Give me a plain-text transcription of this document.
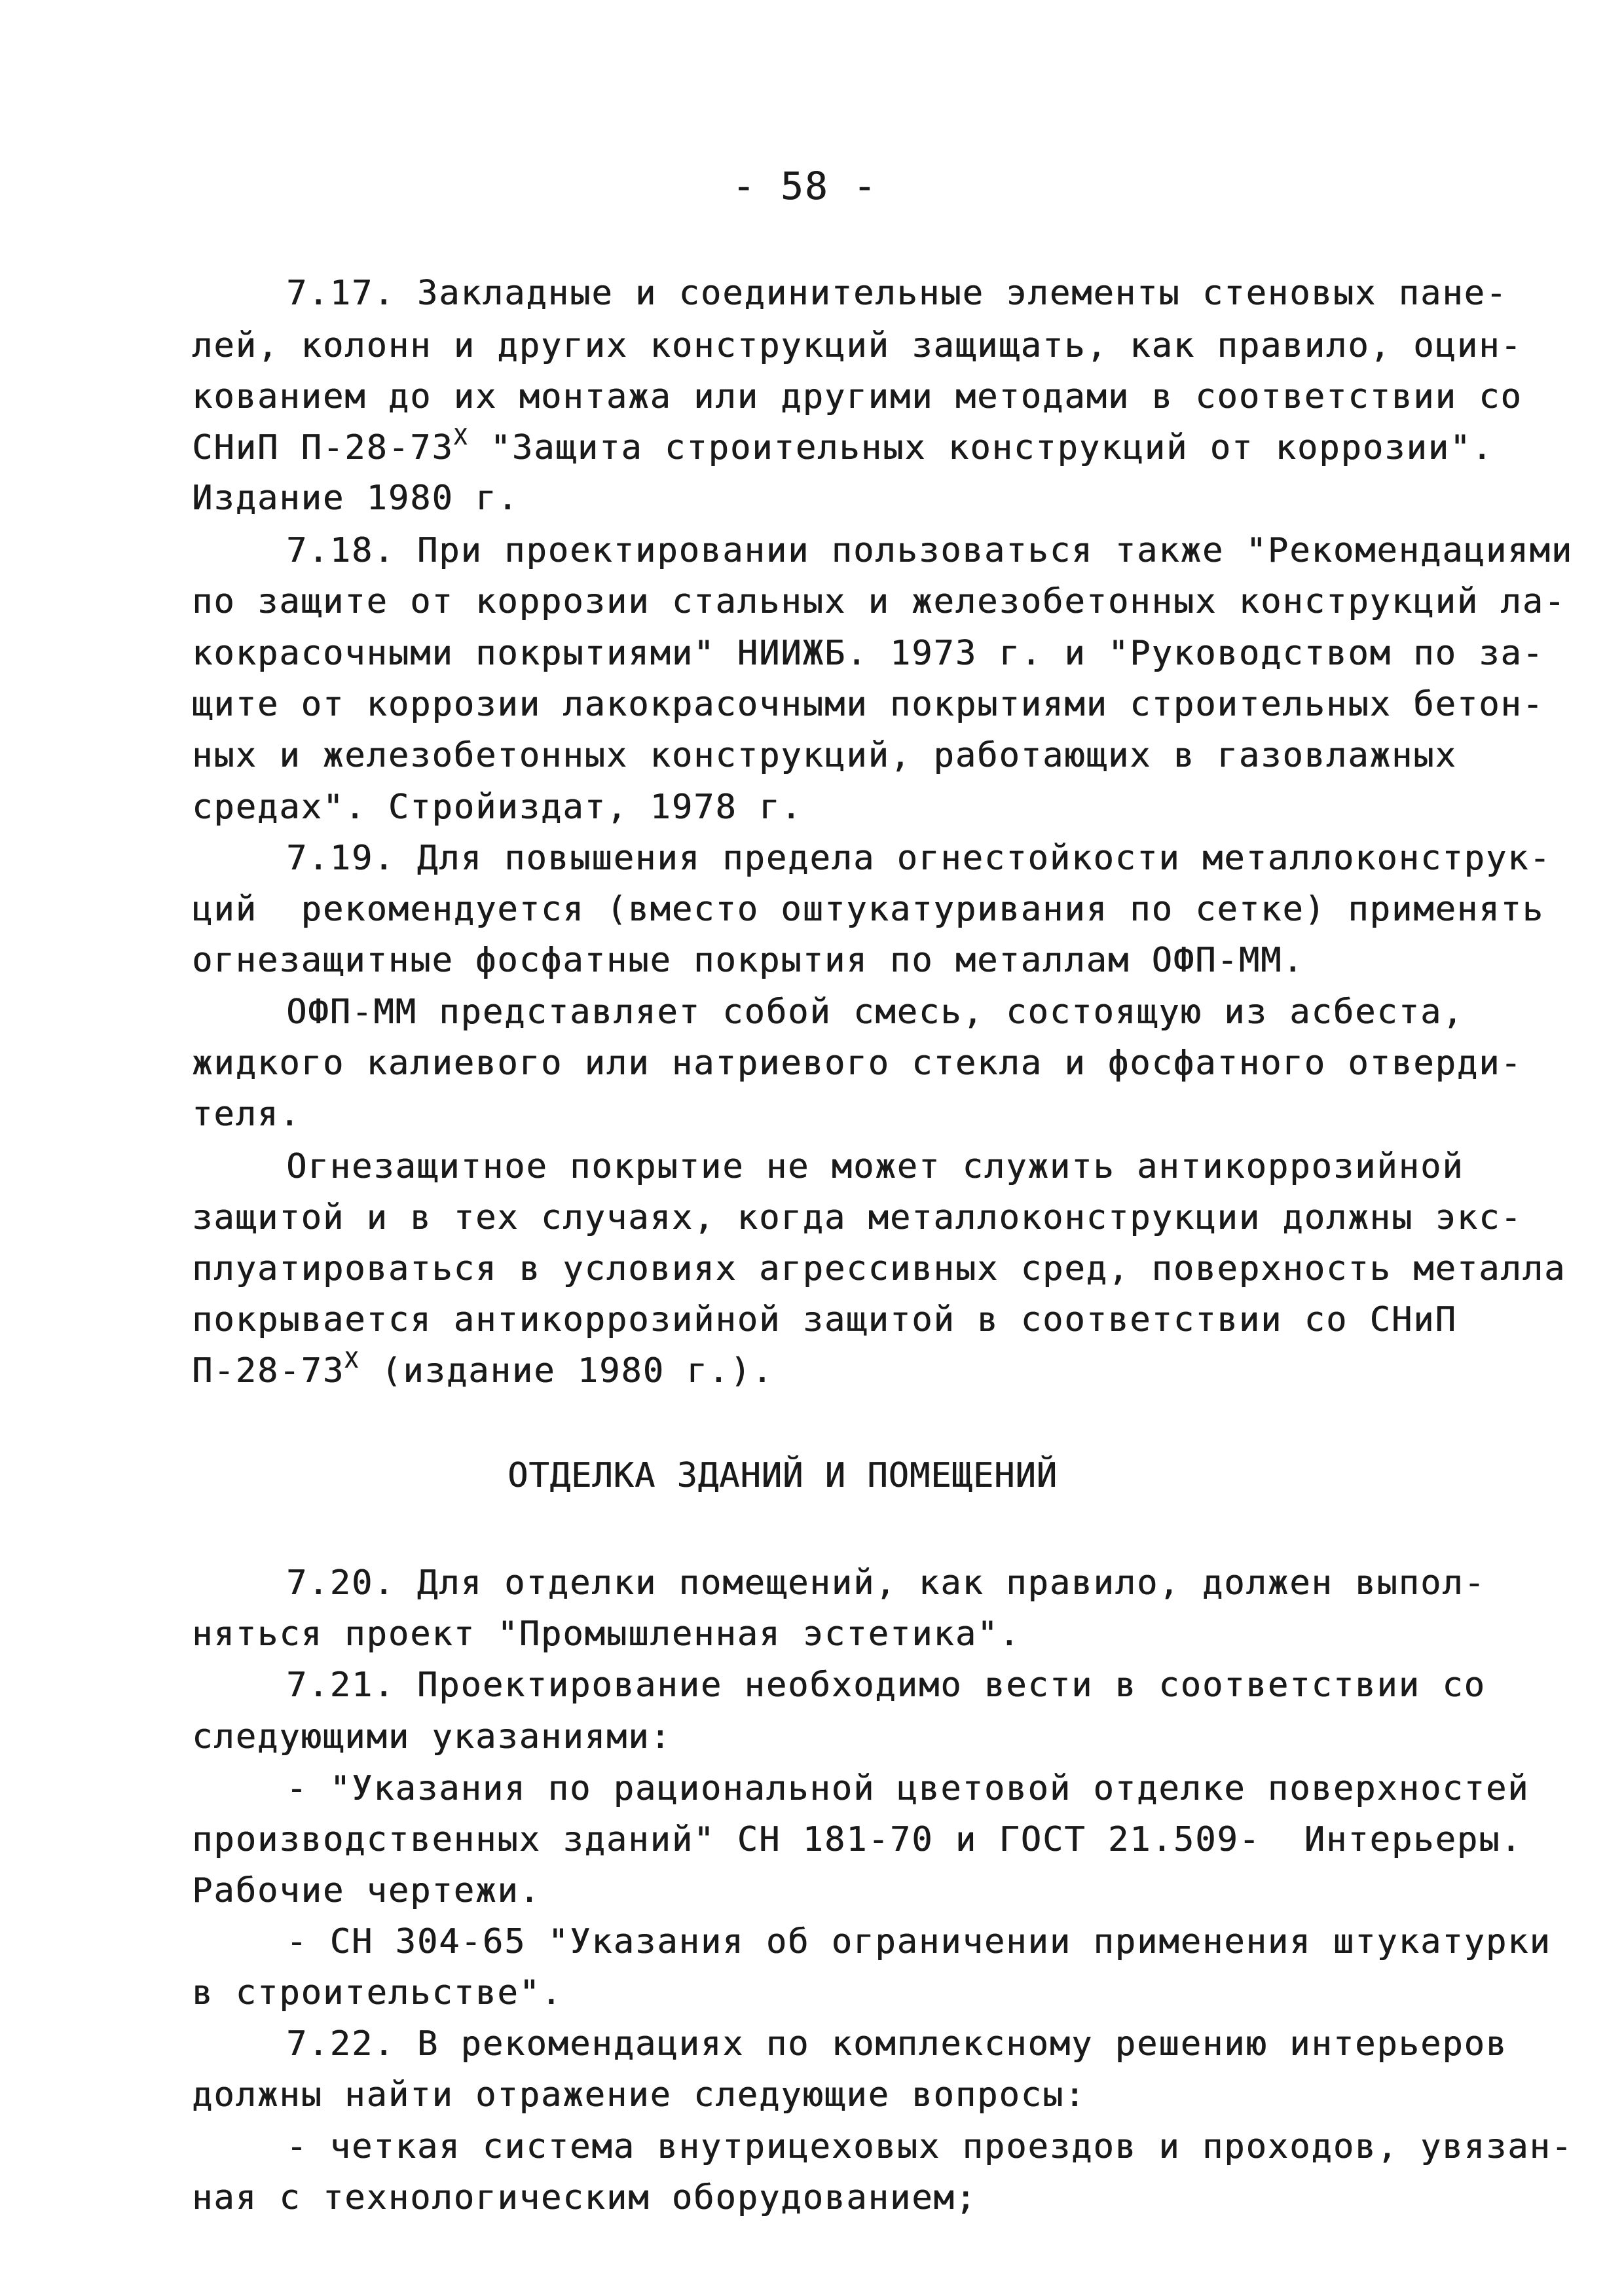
- 58 -

7.17. Закладные и соединительные элементы стеновых пане-

лей, колонн и других конструкций защищать, как правило, оцин-

кованием до их монтажа или другими методами в соответствии со

СНиП $П-28-73^X$ "Защита строительных конструкций от коррозии".

Издание 1980 г.

7.18. При проектировании пользоваться также "Рекомендациями

по защите от коррозии стальных и железобетонных конструкций ла-

кокрасочными покрытиями" НИИЖБ. 1973 г. и "Руководством по за-

щите от коррозии лакокрасочными покрытиями строительных бетон-

ных и железобетонных конструкций, работающих в газовлажных

средах". Стройиздат, 1978 г.

7.19. Для повышения предела огнестойкости металлоконструк-

ций  рекомендуется (вместо оштукатуривания по сетке) применять

огнезащитные фосфатные покрытия по металлам ОФП-ММ.

ОФП-ММ представляет собой смесь, состоящую из асбеста,

жидкого калиевого или натриевого стекла и фосфатного отверди-

теля.

Огнезащитное покрытие не может служить антикоррозийной

защитой и в тех случаях, когда металлоконструкции должны экс-

плуатироваться в условиях агрессивных сред, поверхность металла

покрывается антикоррозийной защитой в соответствии со СНиП

$П-28-73^X$ (издание 1980 г.).

ОТДЕЛКА ЗДАНИЙ И ПОМЕЩЕНИЙ

7.20. Для отделки помещений, как правило, должен выпол-

няться проект "Промышленная эстетика".

7.21. Проектирование необходимо вести в соответствии со

следующими указаниями:

- "Указания по рациональной цветовой отделке поверхностей

производственных зданий" СН 181-70 и ГОСТ 21.509-  Интерьеры.

Рабочие чертежи.

- СН 304-65 "Указания об ограничении применения штукатурки

в строительстве".

7.22. В рекомендациях по комплексному решению интерьеров

должны найти отражение следующие вопросы:

- четкая система внутрицеховых проездов и проходов, увязан-

ная с технологическим оборудованием;
